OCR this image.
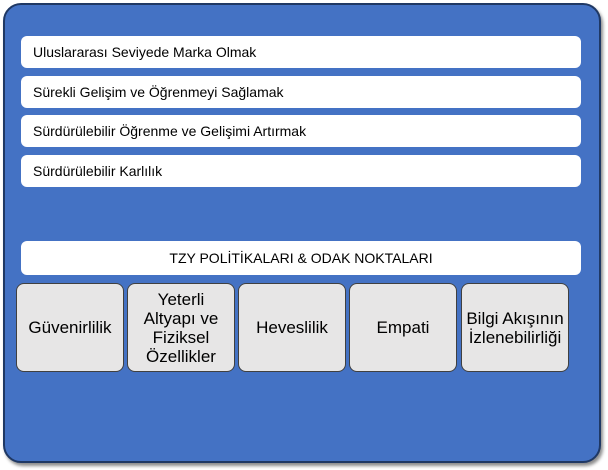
Uluslararası Seviyede Marka Olmak
Sürekli Gelişim ve Öğrenmeyi Sağlamak
Sürdürülebilir Öğrenme ve Gelişimi Artırmak
Sürdürülebilir Karlılık
TZY POLİTİKALARI & ODAK NOKTALARI
Güvenirlilik
Yeterli Altyapı ve Fiziksel Özellikler
Heveslilik	Empati	Bilgi Akışının İzlenebilirliği
